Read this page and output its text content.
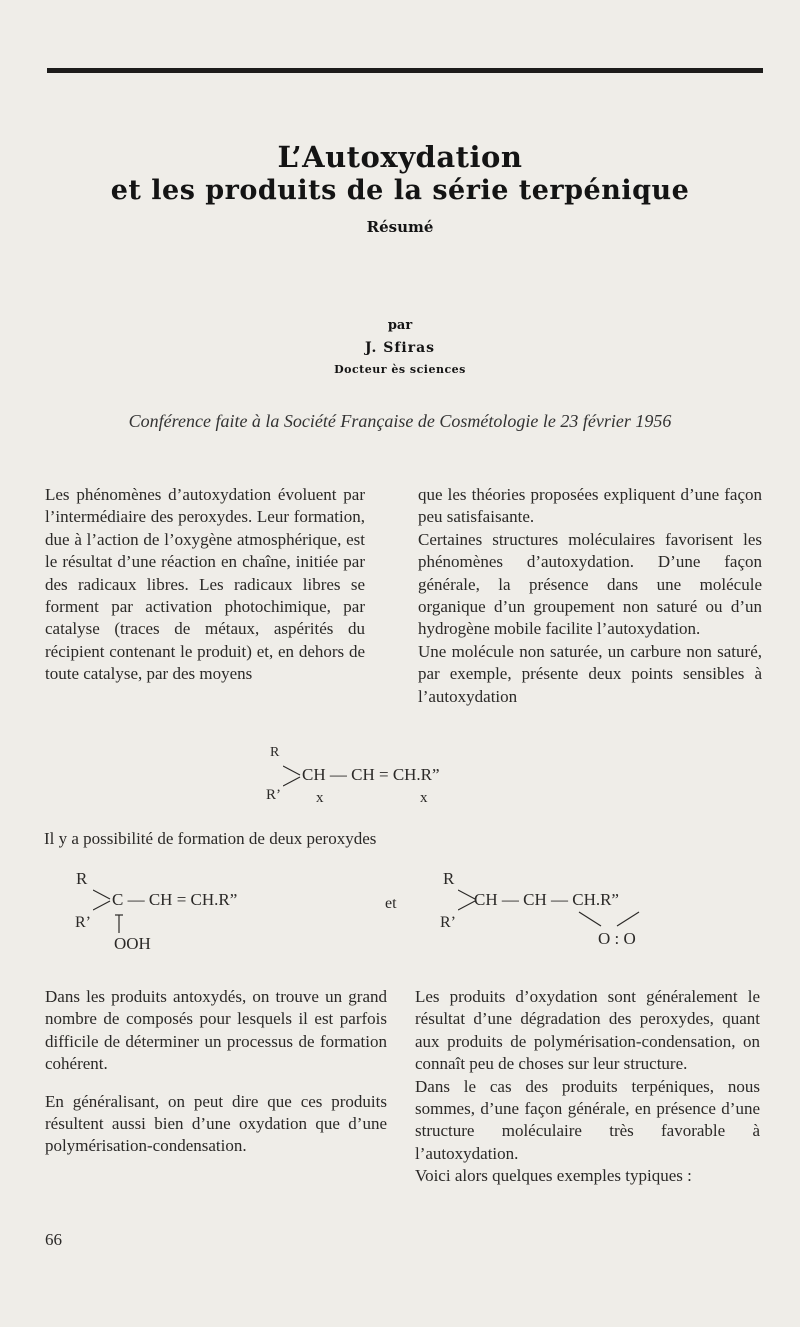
L’Autoxydation
et les produits de la série terpénique
Résumé
par
J. Sfiras
Docteur ès sciences
Conférence faite à la Société Française de Cosmétologie le 23 février 1956

Les phénomènes d’autoxydation évoluent par l’intermédiaire des peroxydes. Leur formation, due à l’action de l’oxygène atmosphérique, est le résultat d’une réaction en chaîne, initiée par des radicaux libres. Les radicaux libres se forment par activation photochimique, par catalyse (traces de métaux, aspérités du récipient contenant le produit) et, en dehors de toute catalyse, par des moyens

que les théories proposées expliquent d’une façon peu satisfaisante.

Certaines structures moléculaires favorisent les phénomènes d’autoxydation. D’une façon générale, la présence dans une molécule organique d’un groupement non saturé ou d’un hydrogène mobile facilite l’autoxydation.

Une molécule non saturée, un carbure non saturé, par exemple, présente deux points sensibles à l’autoxydation

R
R’
CH — CH = CH.R”
x	x
Il y a possibilité de formation de deux peroxydes
R
R’
C — CH = CH.R”
OOH
et
R
R’
CH — CH — CH.R”
O : O

Dans les produits antoxydés, on trouve un grand nombre de composés pour lesquels il est parfois difficile de déterminer un processus de formation cohérent.

En généralisant, on peut dire que ces produits résultent aussi bien d’une oxydation que d’une polymérisation-condensation.

Les produits d’oxydation sont généralement le résultat d’une dégradation des peroxydes, quant aux produits de polymérisation-condensation, on connaît peu de choses sur leur structure.

Dans le cas des produits terpéniques, nous sommes, d’une façon générale, en présence d’une structure moléculaire très favorable à l’autoxydation.

Voici alors quelques exemples typiques :

66
